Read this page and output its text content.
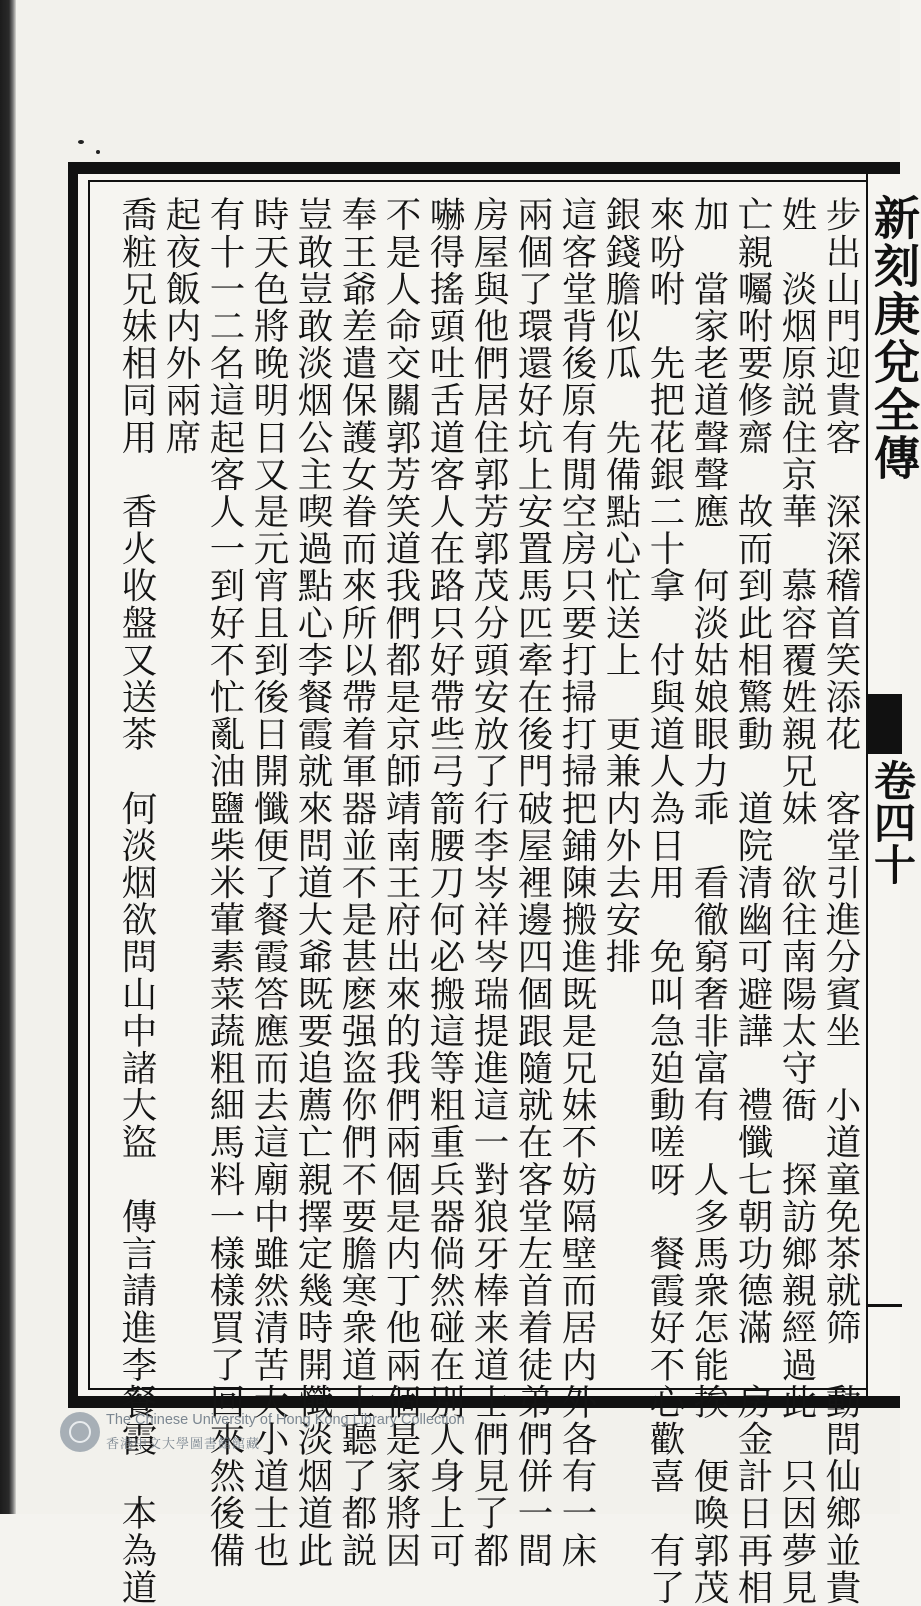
新刻庚兌全傳
卷四十
步出山門迎貴客　深深稽首笑添花　客堂引進分賓坐　小道童免茶就筛　動問仙鄉並貴
姓　淡烟原説住京華　慕容覆姓親兄妹　欲往南陽太守衙　探訪鄉親經過此　只因夢見
亡親囑咐要修齋　故而到此相驚動　道院清幽可避譁　禮懺七朝功德滿　房金計日再相
加　當家老道聲聲應　何淡姑娘眼力乖　看徹窮奢非富有　人多馬衆怎能挨　便喚郭茂
來吩咐　先把花銀二十拿　付與道人為日用　免叫急廹動嗟呀　餐霞好不心歡喜　有了
銀錢膽似瓜　先備點心忙送上　更兼内外去安排
這客堂背後原有閒空房只要打掃打掃把鋪陳搬進既是兄妹不妨隔壁而居内外各有一床
兩個了環還好坑上安置馬匹牽在後門破屋裡邊四個跟隨就在客堂左首着徒弟們併一間
房屋與他們居住郭芳郭茂分頭安放了行李岑祥岑瑞提進這一對狼牙棒来道士們見了都
嚇得搖頭吐舌道客人在路只好帶些弓箭腰刀何必搬這等粗重兵器倘然碰在别人身上可
不是人命交關郭芳笑道我們都是京師靖南王府出來的我們兩個是内丁他兩個是家將因
奉王爺差遣保護女眷而來所以帶着軍器並不是甚麽强盗你們不要膽寒衆道士聽了都説
豈敢豈敢淡烟公主喫過點心李餐霞就來問道大爺既要追薦亡親擇定幾時開懺淡烟道此
時天色將晚明日又是元宵且到後日開懺便了餐霞答應而去這廟中雖然清苦大小道士也
有十一二名這起客人一到好不忙亂油鹽柴米葷素菜蔬粗細馬料一樣樣買了回來然後備
起夜飯内外兩席
喬粧兄妹相同用　香火收盤又送茶　何淡烟欲問山中諸大盜　傳言請進李餐霞　本為道
The Chinese University of Hong Kong Library Collection
香港中文大學圖書館館藏
